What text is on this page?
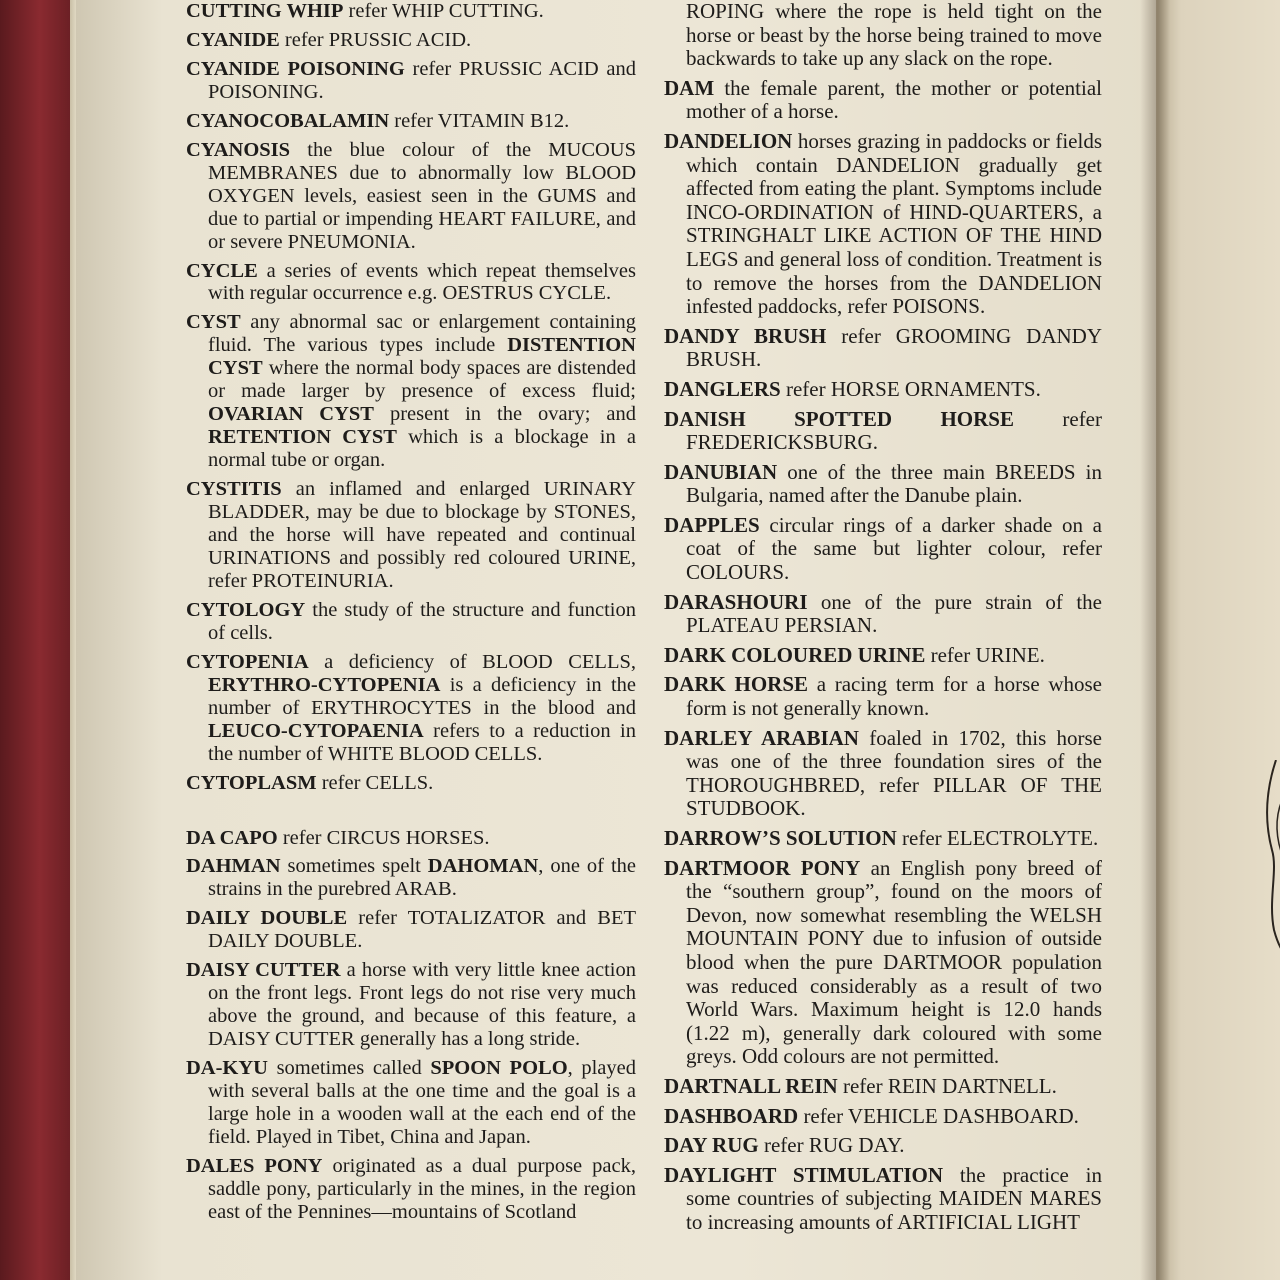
CUTTING WHIP refer WHIP CUTTING.

CYANIDE refer PRUSSIC ACID.

CYANIDE POISONING refer PRUSSIC ACID and POISONING.

CYANOCOBALAMIN refer VITAMIN B12.

CYANOSIS the blue colour of the MUCOUS MEMBRANES due to abnormally low BLOOD OXYGEN levels, easiest seen in the GUMS and due to partial or impending HEART FAILURE, and or severe PNEUMONIA.

CYCLE a series of events which repeat themselves with regular occurrence e.g. OESTRUS CYCLE.

CYST any abnormal sac or enlargement containing fluid. The various types include DISTENTION CYST where the normal body spaces are distended or made larger by presence of excess fluid; OVARIAN CYST present in the ovary; and RETENTION CYST which is a blockage in a normal tube or organ.

CYSTITIS an inflamed and enlarged URINARY BLADDER, may be due to blockage by STONES, and the horse will have repeated and continual URINATIONS and possibly red coloured URINE, refer PROTEINURIA.

CYTOLOGY the study of the structure and function of cells.

CYTOPENIA a deficiency of BLOOD CELLS, ERYTHRO-CYTOPENIA is a deficiency in the number of ERYTHROCYTES in the blood and LEUCO-CYTOPAENIA refers to a reduction in the number of WHITE BLOOD CELLS.

CYTOPLASM refer CELLS.

DA CAPO refer CIRCUS HORSES.

DAHMAN sometimes spelt DAHOMAN, one of the strains in the purebred ARAB.

DAILY DOUBLE refer TOTALIZATOR and BET DAILY DOUBLE.

DAISY CUTTER a horse with very little knee action on the front legs. Front legs do not rise very much above the ground, and because of this feature, a DAISY CUTTER generally has a long stride.

DA-KYU sometimes called SPOON POLO, played with several balls at the one time and the goal is a large hole in a wooden wall at the each end of the field. Played in Tibet, China and Japan.

DALES PONY originated as a dual purpose pack, saddle pony, particularly in the mines, in the region east of the Pennines—mountains of Scotland

ROPING where the rope is held tight on the horse or beast by the horse being trained to move backwards to take up any slack on the rope.

DAM the female parent, the mother or potential mother of a horse.

DANDELION horses grazing in paddocks or fields which contain DANDELION gradually get affected from eating the plant. Symptoms include INCO-ORDINATION of HIND-QUARTERS, a STRINGHALT LIKE ACTION OF THE HIND LEGS and general loss of condition. Treatment is to remove the horses from the DANDELION infested paddocks, refer POISONS.

DANDY BRUSH refer GROOMING DANDY BRUSH.

DANGLERS refer HORSE ORNAMENTS.

DANISH SPOTTED HORSE refer FREDERICKSBURG.

DANUBIAN one of the three main BREEDS in Bulgaria, named after the Danube plain.

DAPPLES circular rings of a darker shade on a coat of the same but lighter colour, refer COLOURS.

DARASHOURI one of the pure strain of the PLATEAU PERSIAN.

DARK COLOURED URINE refer URINE.

DARK HORSE a racing term for a horse whose form is not generally known.

DARLEY ARABIAN foaled in 1702, this horse was one of the three foundation sires of the THOROUGHBRED, refer PILLAR OF THE STUDBOOK.

DARROW’S SOLUTION refer ELECTROLYTE.

DARTMOOR PONY an English pony breed of the “southern group”, found on the moors of Devon, now somewhat resembling the WELSH MOUNTAIN PONY due to infusion of outside blood when the pure DARTMOOR population was reduced considerably as a result of two World Wars. Maximum height is 12.0 hands (1.22 m), generally dark coloured with some greys. Odd colours are not permitted.

DARTNALL REIN refer REIN DARTNELL.

DASHBOARD refer VEHICLE DASHBOARD.

DAY RUG refer RUG DAY.

DAYLIGHT STIMULATION the practice in some countries of subjecting MAIDEN MARES to increasing amounts of ARTIFICIAL LIGHT
